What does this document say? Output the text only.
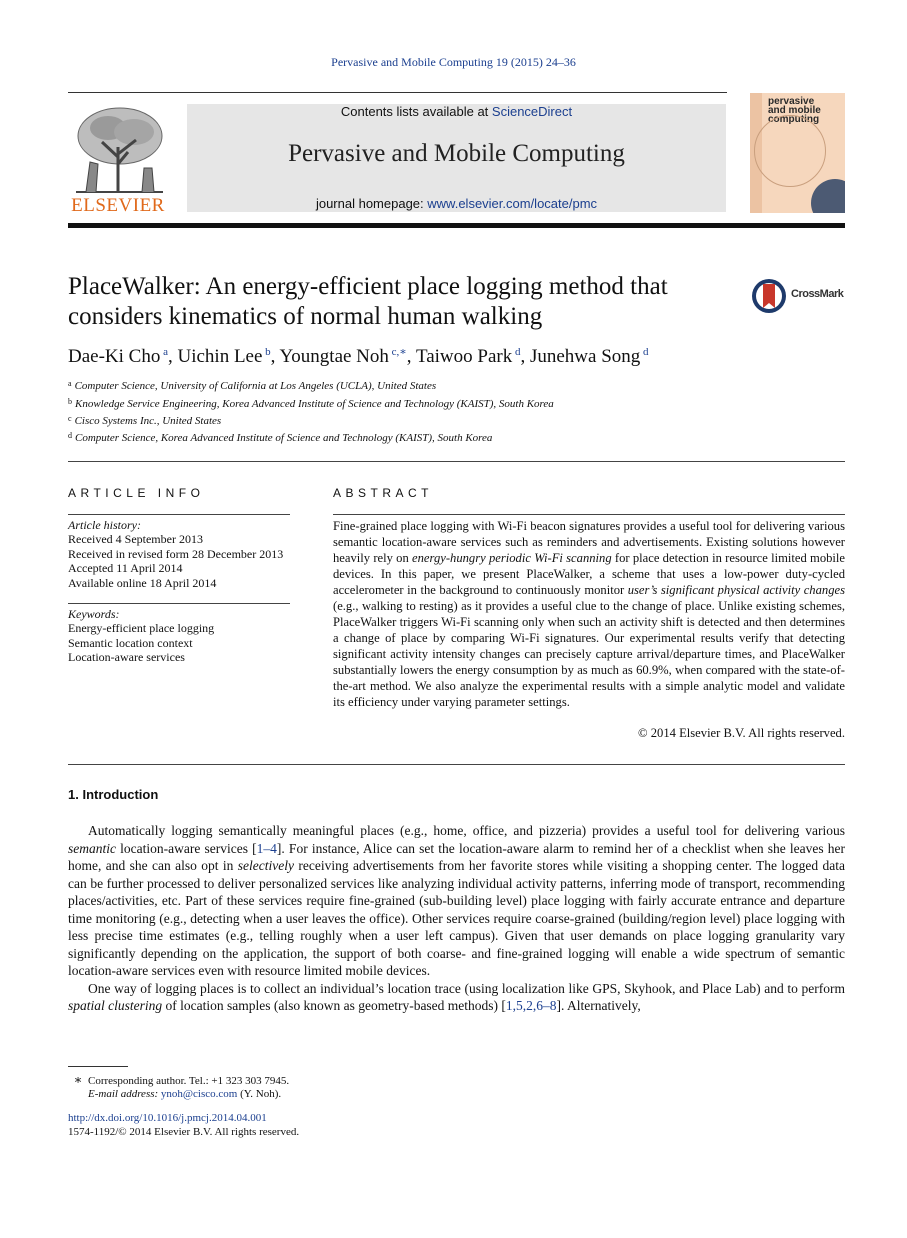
Pervasive and Mobile Computing 19 (2015) 24–36
ELSEVIER
Contents lists available at ScienceDirect
Pervasive and Mobile Computing
journal homepage: www.elsevier.com/locate/pmc
pervasive
and mobile
computing
PlaceWalker: An energy-efficient place logging method that considers kinematics of normal human walking
CrossMark
Dae-Ki Cho $^a$, Uichin Lee $^b$, Youngtae Noh $^{c,∗}$, Taiwoo Park $^d$, Junehwa Song $^d$
$^a$ Computer Science, University of California at Los Angeles (UCLA), United States
$^b$ Knowledge Service Engineering, Korea Advanced Institute of Science and Technology (KAIST), South Korea
$^c$ Cisco Systems Inc., United States
$^d$ Computer Science, Korea Advanced Institute of Science and Technology (KAIST), South Korea
ARTICLE INFO
Article history:
Received 4 September 2013
Received in revised form 28 December 2013
Accepted 11 April 2014
Available online 18 April 2014
Keywords:
Energy-efficient place logging
Semantic location context
Location-aware services
ABSTRACT
Fine-grained place logging with Wi-Fi beacon signatures provides a useful tool for delivering various semantic location-aware services such as reminders and advertisements. Existing solutions however heavily rely on energy-hungry periodic Wi-Fi scanning for place detection in resource limited mobile devices. In this paper, we present PlaceWalker, a scheme that uses a low-power duty-cycled accelerometer in the background to continuously monitor user’s significant physical activity changes (e.g., walking to resting) as it provides a useful clue to the change of place. Unlike existing schemes, PlaceWalker triggers Wi-Fi scanning only when such an activity shift is detected and then determines a change of place by comparing Wi-Fi signatures. Our experimental results verify that detecting significant activity intensity changes can precisely capture arrival/departure times, and PlaceWalker substantially lowers the energy consumption by as much as 60.9%, when compared with the state-of-the-art method. We also analyze the experimental results with a simple analytic model and validate its efficiency under varying parameter settings.
© 2014 Elsevier B.V. All rights reserved.
1. Introduction

Automatically logging semantically meaningful places (e.g., home, office, and pizzeria) provides a useful tool for delivering various semantic location-aware services [1–4]. For instance, Alice can set the location-aware alarm to remind her of a checklist when she leaves her home, and she can also opt in selectively receiving advertisements from her favorite stores while visiting a shopping center. The logged data can be further processed to deliver personalized services like analyzing individual activity patterns, inferring mode of transport, recommending places/activities, etc. Part of these services require fine-grained (sub-building level) place logging with fairly accurate entrance and departure time monitoring (e.g., detecting when a user leaves the office). Other services require coarse-grained (building/region level) place logging with less precise time estimates (e.g., telling roughly when a user left campus). Given that user demands on place logging granularity vary significantly depending on the application, the support of both coarse- and fine-grained logging will enable a wide spectrum of semantic location-aware services even with resource limited mobile devices.

One way of logging places is to collect an individual’s location trace (using localization like GPS, Skyhook, and Place Lab) and to perform spatial clustering of location samples (also known as geometry-based methods) [1,5,2,6–8]. Alternatively,

∗ Corresponding author. Tel.: +1 323 303 7945.
E-mail address: ynoh@cisco.com (Y. Noh).
http://dx.doi.org/10.1016/j.pmcj.2014.04.001
1574-1192/© 2014 Elsevier B.V. All rights reserved.
